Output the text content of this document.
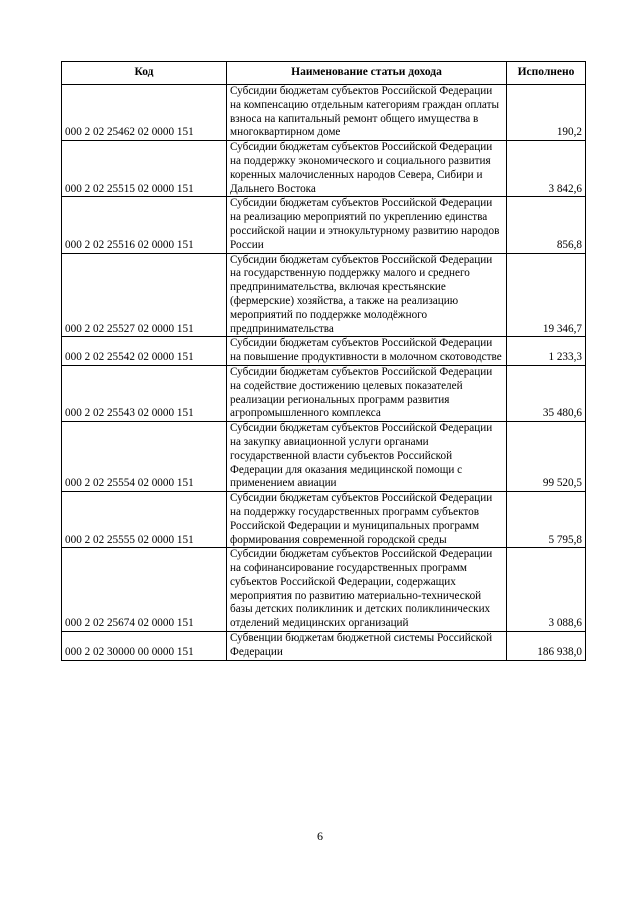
Код	Наименование статьи дохода	Исполнено
000 2 02 25462 02 0000 151	Субсидии бюджетам субъектов Российской Федерации на компенсацию отдельным категориям граждан оплаты взноса на капитальный ремонт общего имущества в многоквартирном доме	190,2
000 2 02 25515 02 0000 151	Субсидии бюджетам субъектов Российской Федерации на поддержку экономического и социального развития коренных малочисленных народов Севера, Сибири и Дальнего Востока	3 842,6
000 2 02 25516 02 0000 151	Субсидии бюджетам субъектов Российской Федерации на реализацию мероприятий по укреплению единства российской нации и этнокультурному развитию народов России	856,8
000 2 02 25527 02 0000 151	Субсидии бюджетам субъектов Российской Федерации на государственную поддержку малого и среднего предпринимательства, включая крестьянские (фермерские) хозяйства, а также на реализацию мероприятий по поддержке молодёжного предпринимательства	19 346,7
000 2 02 25542 02 0000 151	Субсидии бюджетам субъектов Российской Федерации на повышение продуктивности в молочном скотоводстве	1 233,3
000 2 02 25543 02 0000 151	Субсидии бюджетам субъектов Российской Федерации на содействие достижению целевых показателей реализации региональных программ развития агропромышленного комплекса	35 480,6
000 2 02 25554 02 0000 151	Субсидии бюджетам субъектов Российской Федерации на закупку авиационной услуги органами государственной власти субъектов Российской Федерации для оказания медицинской помощи с применением авиации	99 520,5
000 2 02 25555 02 0000 151	Субсидии бюджетам субъектов Российской Федерации на поддержку государственных программ субъектов Российской Федерации и муниципальных программ формирования современной городской среды	5 795,8
000 2 02 25674 02 0000 151	Субсидии бюджетам субъектов Российской Федерации на софинансирование государственных программ субъектов Российской Федерации, содержащих мероприятия по развитию материально-технической базы детских поликлиник и детских поликлинических отделений медицинских организаций	3 088,6
000 2 02 30000 00 0000 151	Субвенции бюджетам бюджетной системы Российской Федерации	186 938,0
6
